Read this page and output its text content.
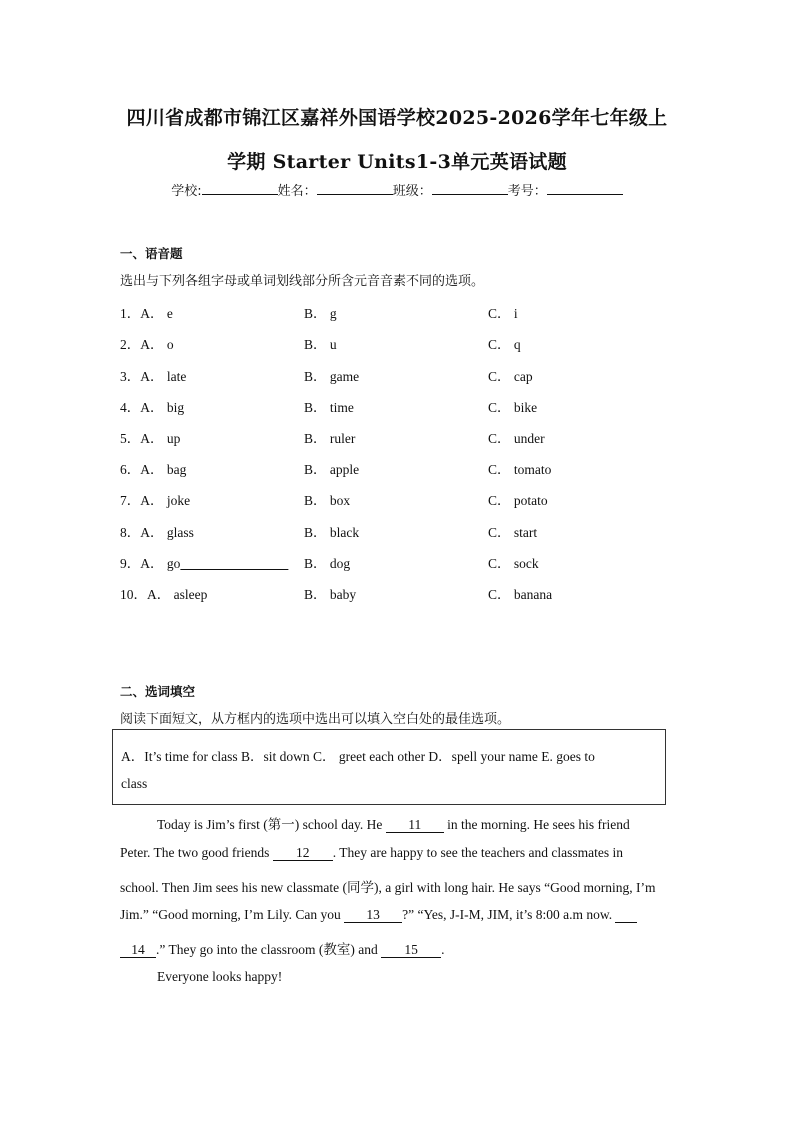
四川省成都市锦江区嘉祥外国语学校2025-2026学年七年级上
学期 Starter Units1-3单元英语试题
学校:	姓名：	班级：	考号：
一、语音题
选出与下列各组字母或单词划线部分所含元音音素不同的选项。
1．A． e	B． g	C． i
2．A． o	B． u	C． q
3．A． late	B． game	C． cap
4．A． big	B． time	C． bike
5．A． up	B． ruler	C． under
6．A． bag	B． apple	C． tomato
7．A． joke	B． box	C． potato
8．A． glass	B． black	C． start
9．A． go	B． dog	C． sock
10．A． asleep	B． baby	C． banana
二、选词填空
阅读下面短文，从方框内的选项中选出可以填入空白处的最佳选项。
A．It’s time for class B．sit down C． greet each other D．spell your name E. goes to
class
Today is Jim’s first (第一) school day. He 11 in the morning. He sees his friend
Peter. The two good friends 12 . They are happy to see the teachers and classmates in
school. Then Jim sees his new classmate (同学), a girl with long hair. He says “Good morning, I’m
Jim.” “Good morning, I’m Lily. Can you 13 ?” “Yes, J-I-M, JIM, it’s 8:00 a.m now.
14 .” They go into the classroom (教室) and 15 .
Everyone looks happy!
